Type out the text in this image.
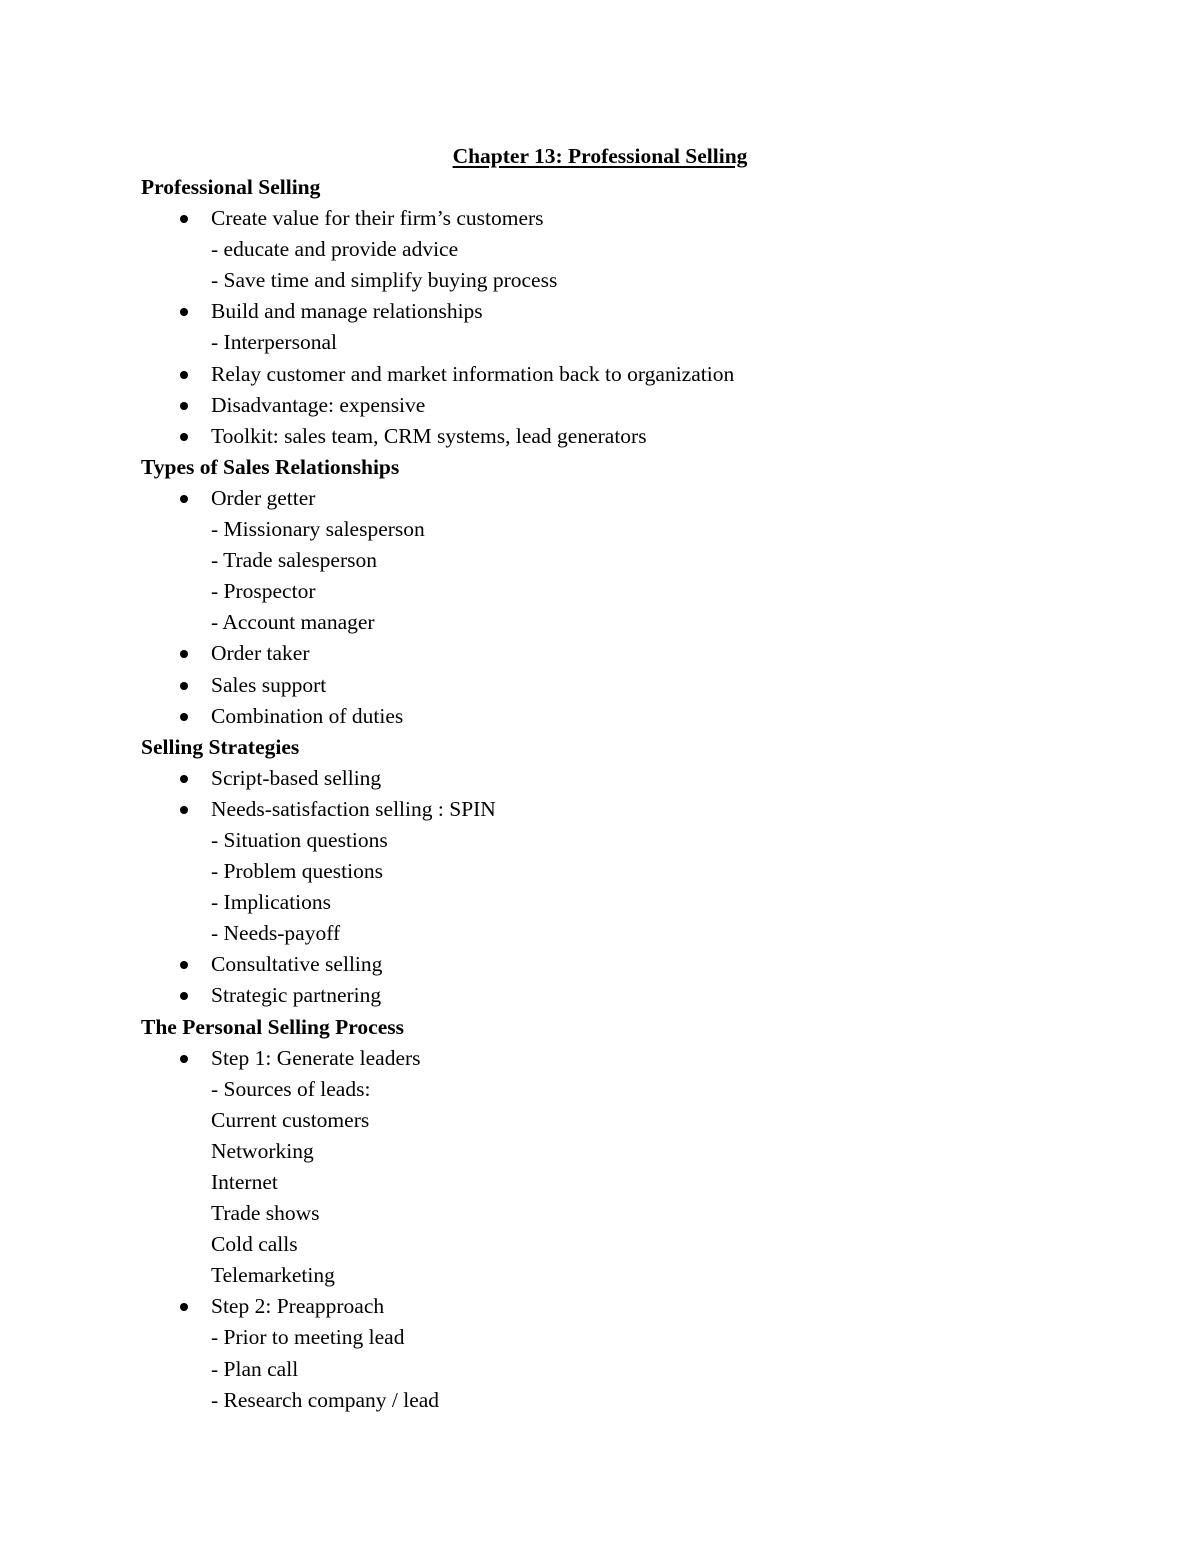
Chapter 13: Professional Selling
Professional Selling
Create value for their firm’s customers
- educate and provide advice
- Save time and simplify buying process
Build and manage relationships
- Interpersonal
Relay customer and market information back to organization
Disadvantage: expensive
Toolkit: sales team, CRM systems, lead generators
Types of Sales Relationships
Order getter
- Missionary salesperson
- Trade salesperson
- Prospector
- Account manager
Order taker
Sales support
Combination of duties
Selling Strategies
Script-based selling
Needs-satisfaction selling : SPIN
- Situation questions
- Problem questions
- Implications
- Needs-payoff
Consultative selling
Strategic partnering
The Personal Selling Process
Step 1: Generate leaders
- Sources of leads:
Current customers
Networking
Internet
Trade shows
Cold calls
Telemarketing
Step 2: Preapproach
- Prior to meeting lead
- Plan call
- Research company / lead
